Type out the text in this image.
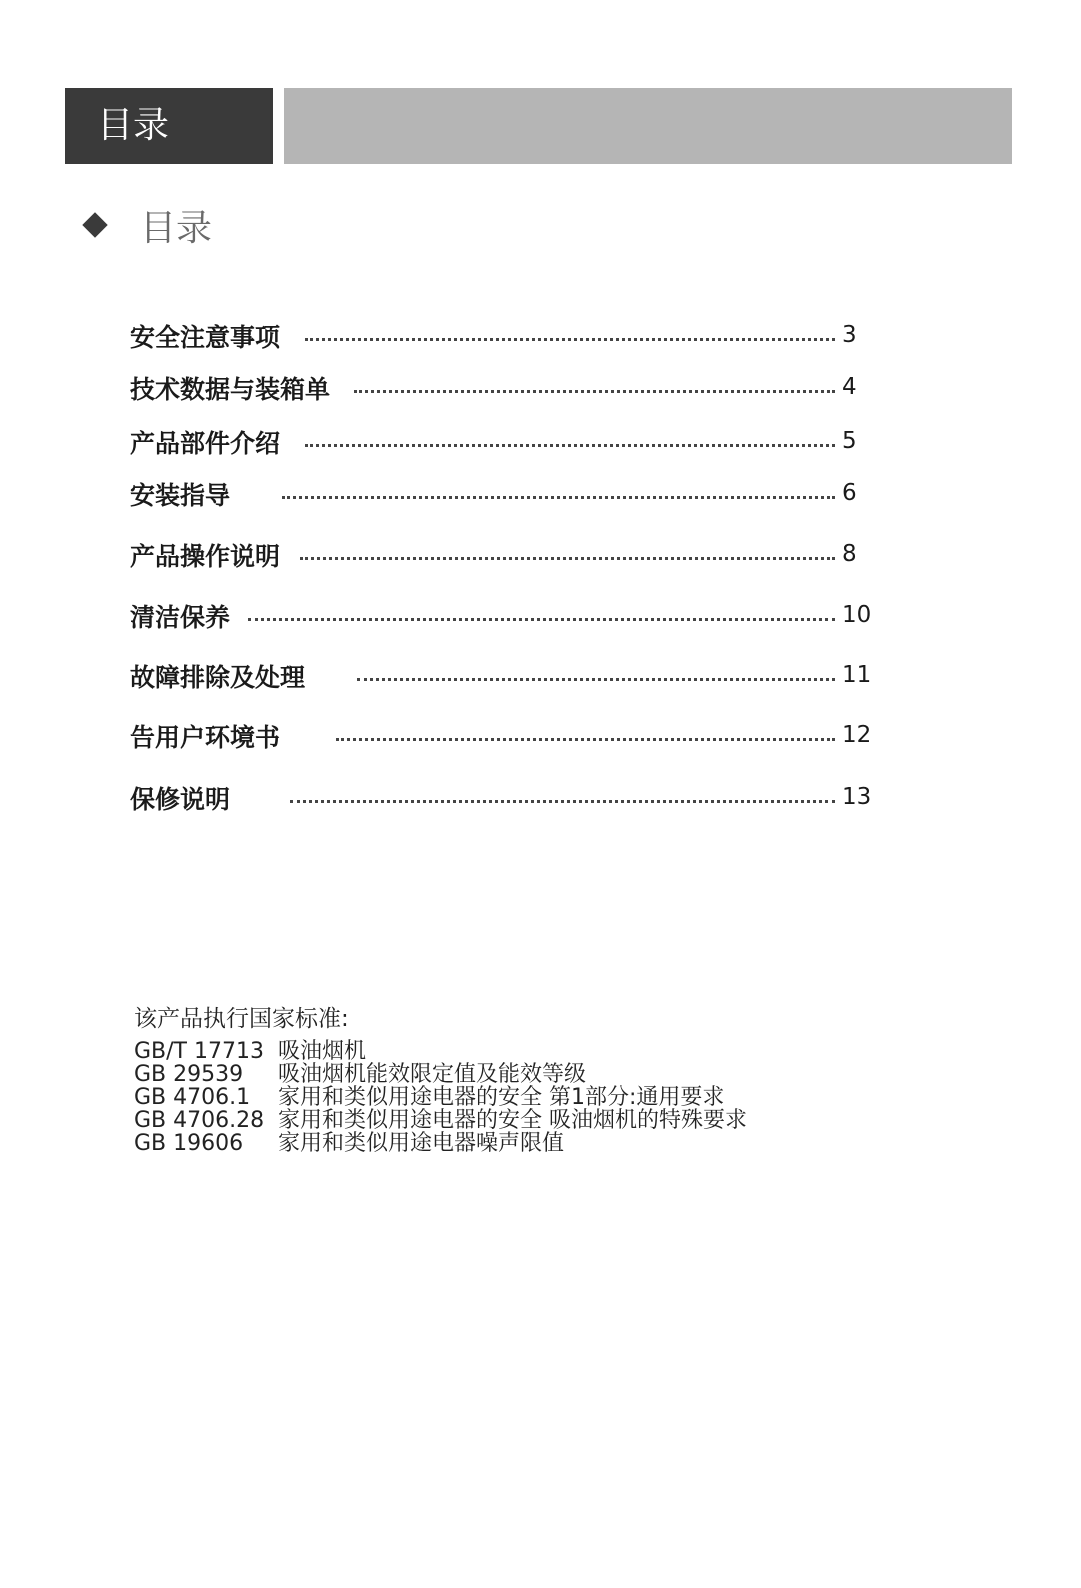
目录
目录
安全注意事项	3
技术数据与装箱单	4
产品部件介绍	5
安装指导	6
产品操作说明	8
清洁保养	10
故障排除及处理	11
告用户环境书	12
保修说明	13
该产品执行国家标准:
GB/T 17713 吸油烟机
GB 29539	吸油烟机能效限定值及能效等级
GB 4706.1	家用和类似用途电器的安全 第1部分:通用要求
GB 4706.28 家用和类似用途电器的安全 吸油烟机的特殊要求
GB 19606	家用和类似用途电器噪声限值
